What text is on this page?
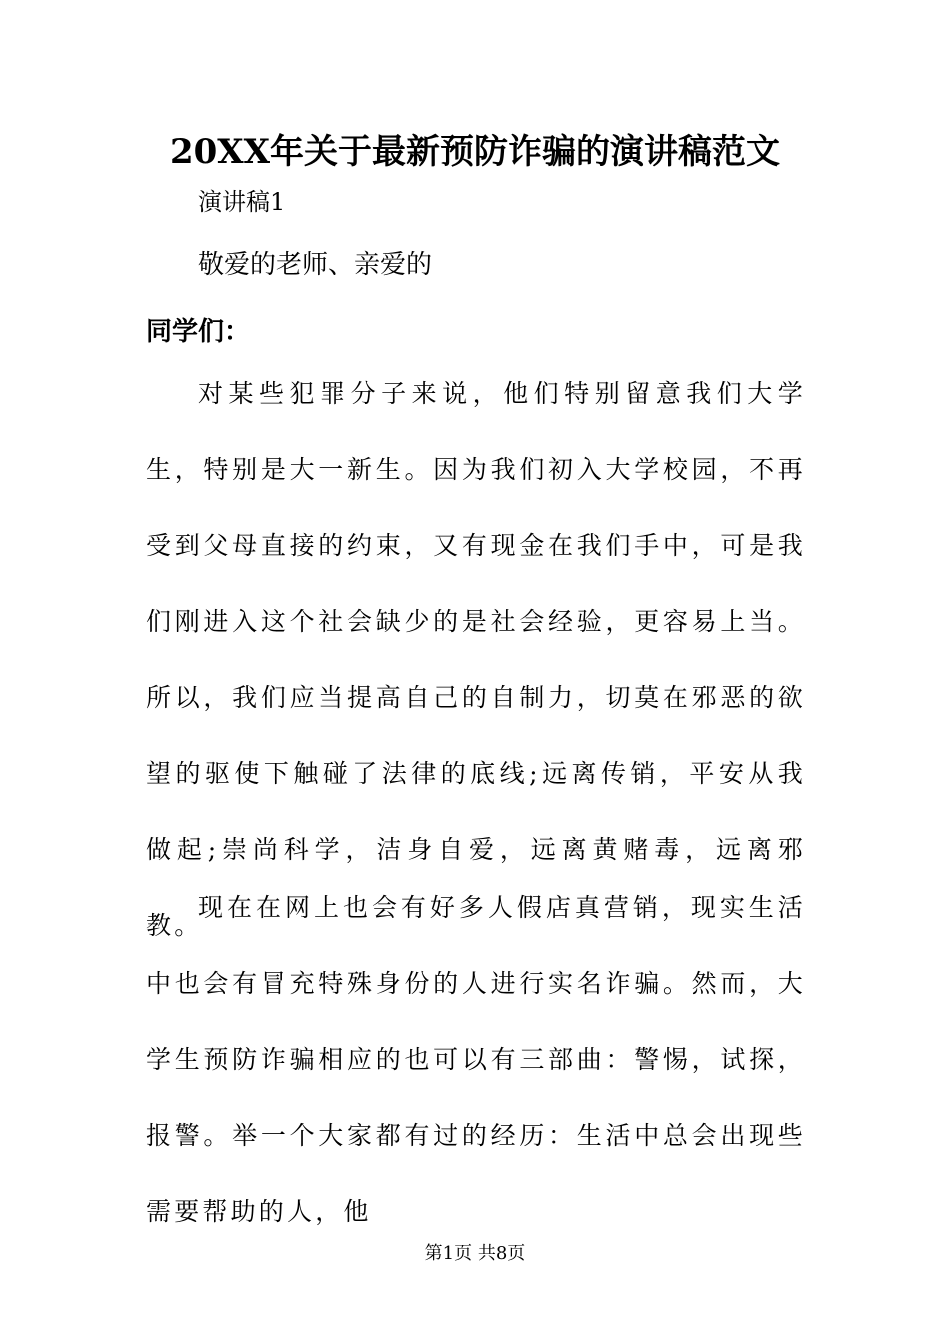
20XX年关于最新预防诈骗的演讲稿范文
演讲稿1
敬爱的老师、亲爱的
同学们：

对某些犯罪分子来说，他们特别留意我们大学生，特别是大一新生。因为我们初入大学校园，不再受到父母直接的约束，又有现金在我们手中，可是我们刚进入这个社会缺少的是社会经验，更容易上当。所以，我们应当提高自己的自制力，切莫在邪恶的欲望的驱使下触碰了法律的底线;远离传销，平安从我做起;崇尚科学，洁身自爱，远离黄赌毒，远离邪教。

现在在网上也会有好多人假店真营销，现实生活中也会有冒充特殊身份的人进行实名诈骗。然而，大学生预防诈骗相应的也可以有三部曲：警惕，试探，报警。举一个大家都有过的经历：生活中总会出现些需要帮助的人，他

第1页 共8页
